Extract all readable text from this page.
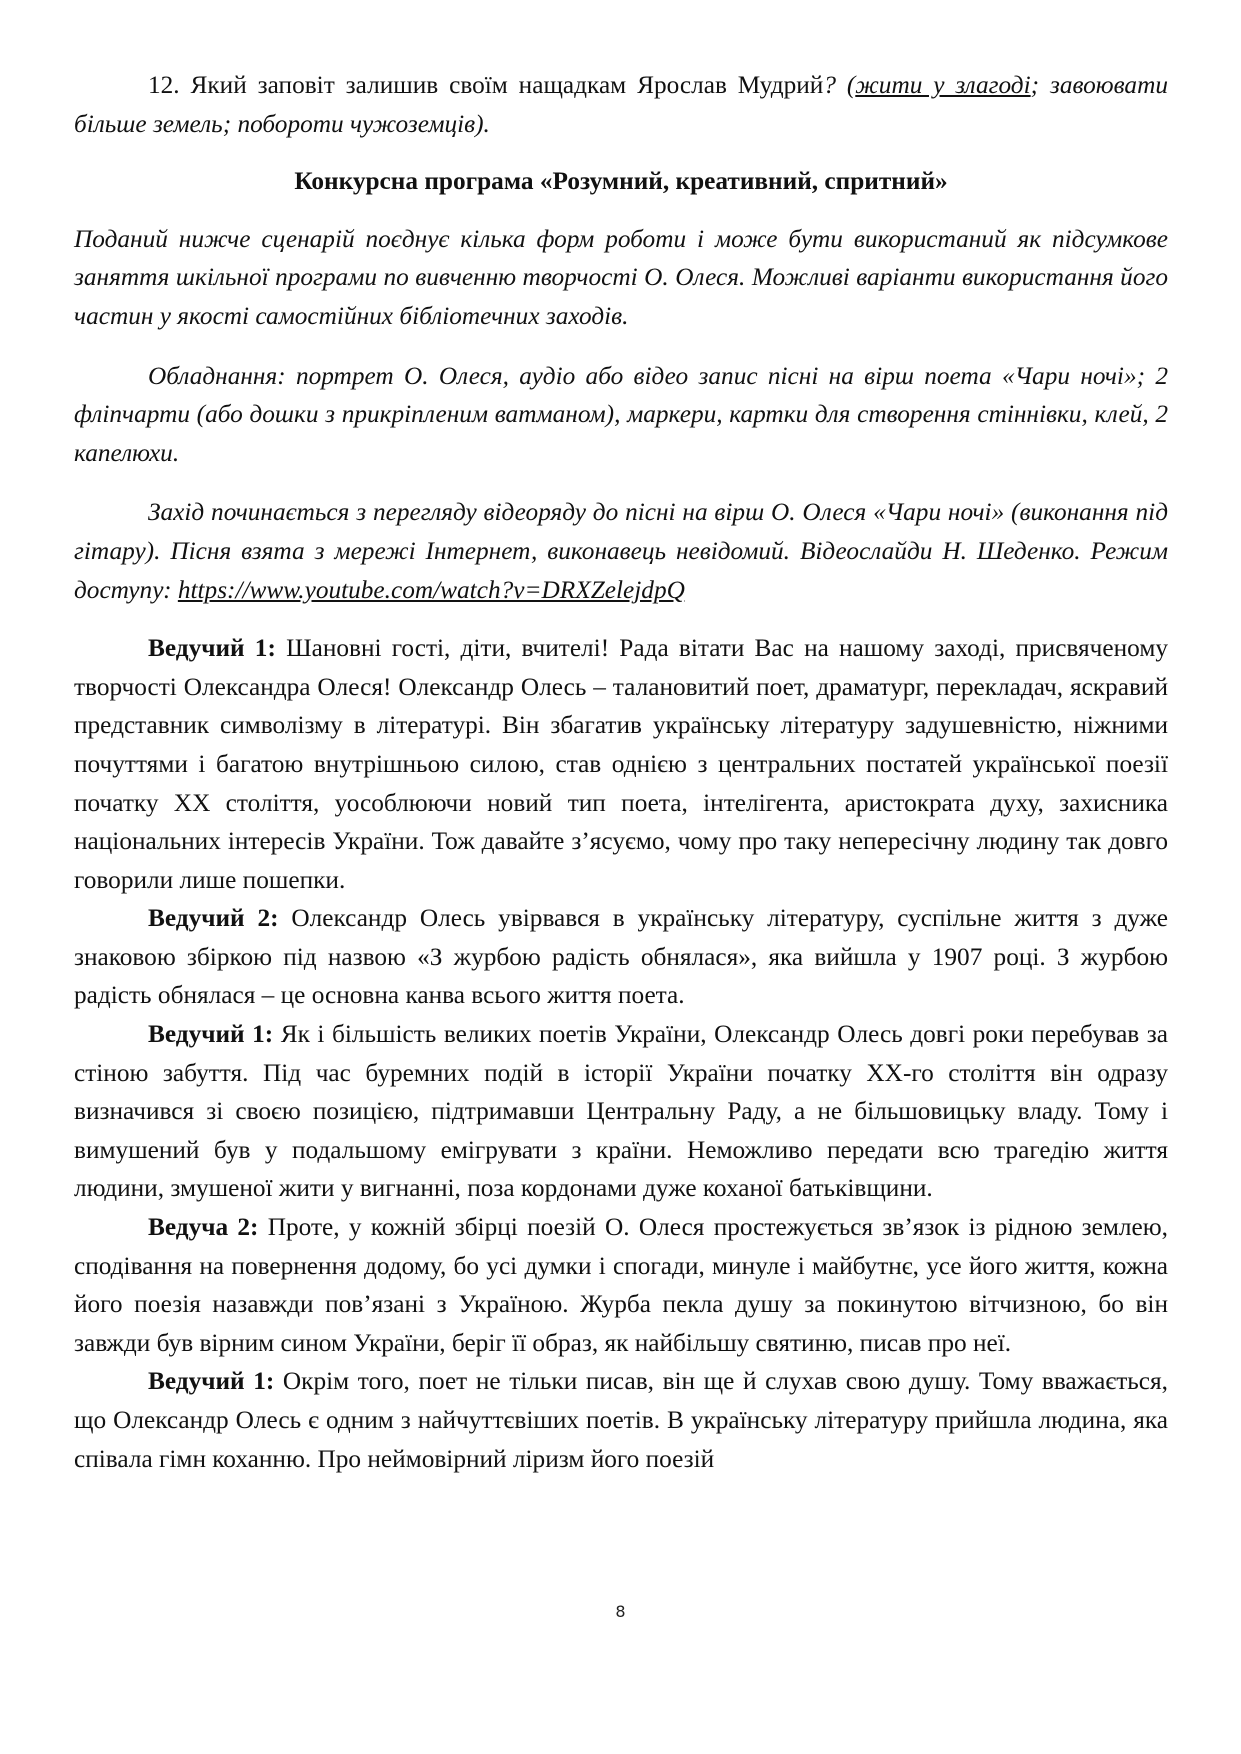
12. Який заповіт залишив своїм нащадкам Ярослав Мудрий? (жити у злагоді; завоювати більше земель; побороти чужоземців).

Конкурсна програма «Розумний, креативний, спритний»

Поданий нижче сценарій поєднує кілька форм роботи і може бути використаний як підсумкове заняття шкільної програми по вивченню творчості О. Олеся. Можливі варіанти використання його частин у якості самостійних бібліотечних заходів.

Обладнання: портрет О. Олеся, аудіо або відео запис пісні на вірш поета «Чари ночі»; 2 фліпчарти (або дошки з прикріпленим ватманом), маркери, картки для створення стіннівки, клей, 2 капелюхи.

Захід починається з перегляду відеоряду до пісні на вірш О. Олеся «Чари ночі» (виконання під гітару). Пісня взята з мережі Інтернет, виконавець невідомий. Відеослайди Н. Шеденко. Режим доступу: https://www.youtube.com/watch?v=DRXZelejdpQ

Ведучий 1: Шановні гості, діти, вчителі! Рада вітати Вас на нашому заході, присвяченому творчості Олександра Олеся! Олександр Олесь – талановитий поет, драматург, перекладач, яскравий представник символізму в літературі. Він збагатив українську літературу задушевністю, ніжними почуттями і багатою внутрішньою силою, став однією з центральних постатей української поезії початку ХХ століття, уособлюючи новий тип поета, інтелігента, аристократа духу, захисника національних інтересів України. Тож давайте з’ясуємо, чому про таку непересічну людину так довго говорили лише пошепки.

Ведучий 2: Олександр Олесь увірвався в українську літературу, суспільне життя з дуже знаковою збіркою під назвою «З журбою радість обнялася», яка вийшла у 1907 році. З журбою радість обнялася – це основна канва всього життя поета.

Ведучий 1: Як і більшість великих поетів України, Олександр Олесь довгі роки перебував за стіною забуття. Під час буремних подій в історії України початку ХХ-го століття він одразу визначився зі своєю позицією, підтримавши Центральну Раду, а не більшовицьку владу. Тому і вимушений був у подальшому емігрувати з країни. Неможливо передати всю трагедію життя людини, змушеної жити у вигнанні, поза кордонами дуже коханої батьківщини.

Ведуча 2: Проте, у кожній збірці поезій О. Олеся простежується зв’язок із рідною землею, сподівання на повернення додому, бо усі думки і спогади, минуле і майбутнє, усе його життя, кожна його поезія назавжди пов’язані з Україною. Журба пекла душу за покинутою вітчизною, бо він завжди був вірним сином України, беріг її образ, як найбільшу святиню, писав про неї.

Ведучий 1: Окрім того, поет не тільки писав, він ще й слухав свою душу. Тому вважається, що Олександр Олесь є одним з найчуттєвіших поетів. В українську літературу прийшла людина, яка співала гімн коханню. Про неймовірний ліризм його поезій

8
